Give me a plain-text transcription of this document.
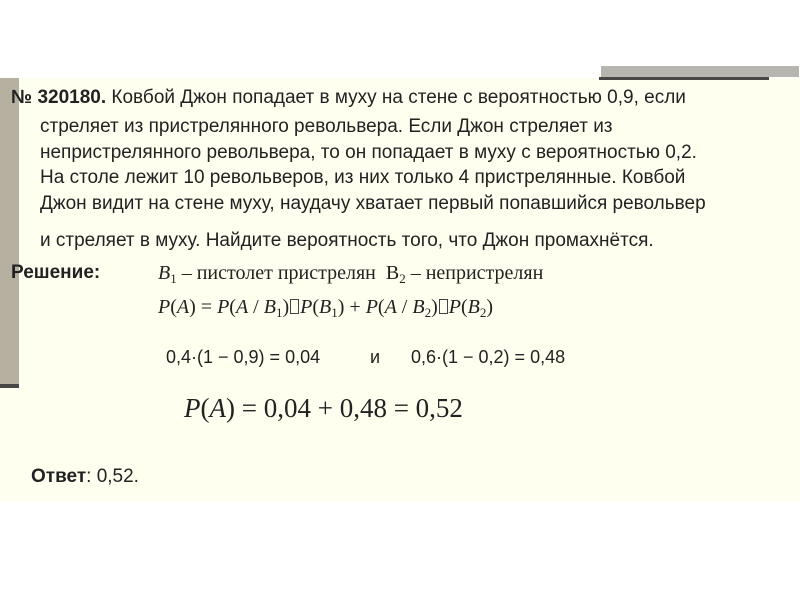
№ 320180. Ковбой Джон попадает в муху на стене с вероятностью 0,9, если
стреляет из пристрелянного револьвера. Если Джон стреляет из
непристрелянного револьвера, то он попадает в муху с вероятностью 0,2.
На столе лежит 10 револьверов, из них только 4 пристрелянные. Ковбой
Джон видит на стене муху, наудачу хватает первый попавшийся револьвер
и стреляет в муху. Найдите вероятность того, что Джон промахнётся.
Решение:	$B_1$ – пистолет пристрелян  $В_2$ – непристрелян
$P(A) = P(A / B_1)$ $P(B_1) + P(A / B_2)$ $P(B_2)$
0,4·(1 − 0,9) = 0,04	и 0,6·(1 − 0,2) = 0,48
P(A) = 0,04 + 0,48 = 0,52
Ответ: 0,52.
